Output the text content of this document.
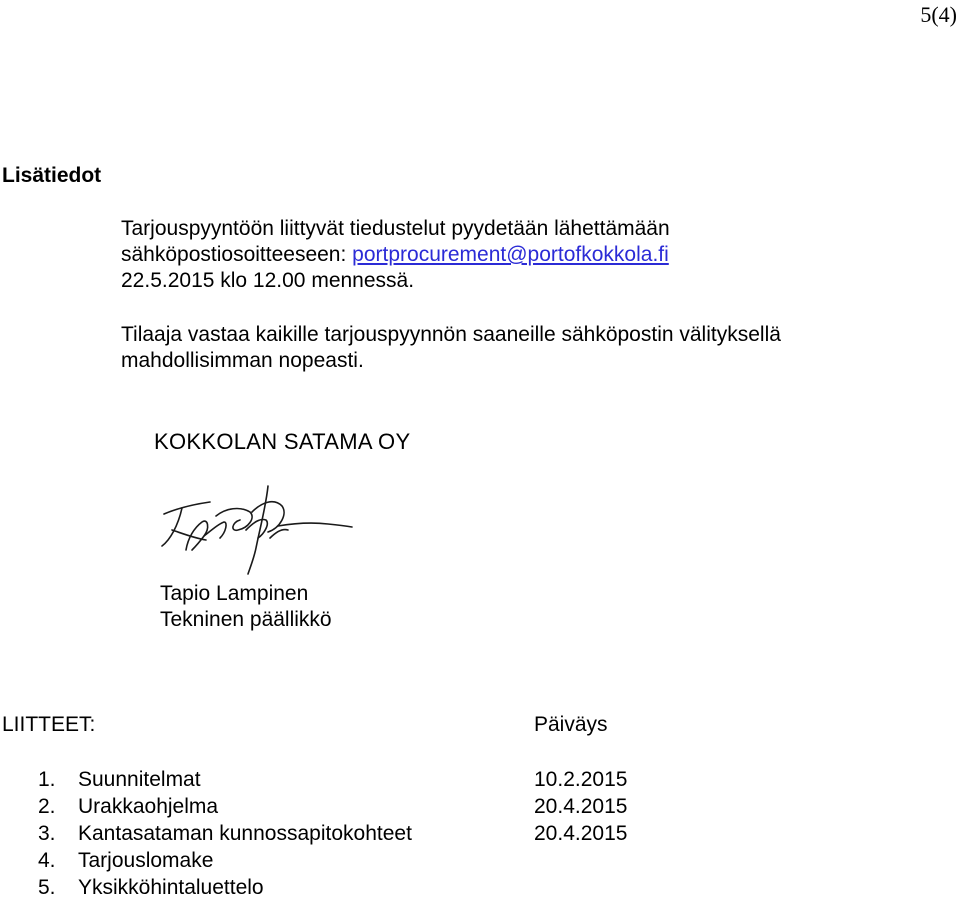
5(4)
Lisätiedot
Tarjouspyyntöön liittyvät tiedustelut pyydetään lähettämään
sähköpostiosoitteeseen: portprocurement@portofkokkola.fi
22.5.2015 klo 12.00 mennessä.
Tilaaja vastaa kaikille tarjouspyynnön saaneille sähköpostin välityksellä
mahdollisimman nopeasti.
KOKKOLAN SATAMA OY
Tapio Lampinen
Tekninen päällikkö
LIITTEET:	Päiväys
1. Suunnitelmat	10.2.2015
2. Urakkaohjelma	20.4.2015
3. Kantasataman kunnossapitokohteet	20.4.2015
4. Tarjouslomake
5. Yksikköhintaluettelo
